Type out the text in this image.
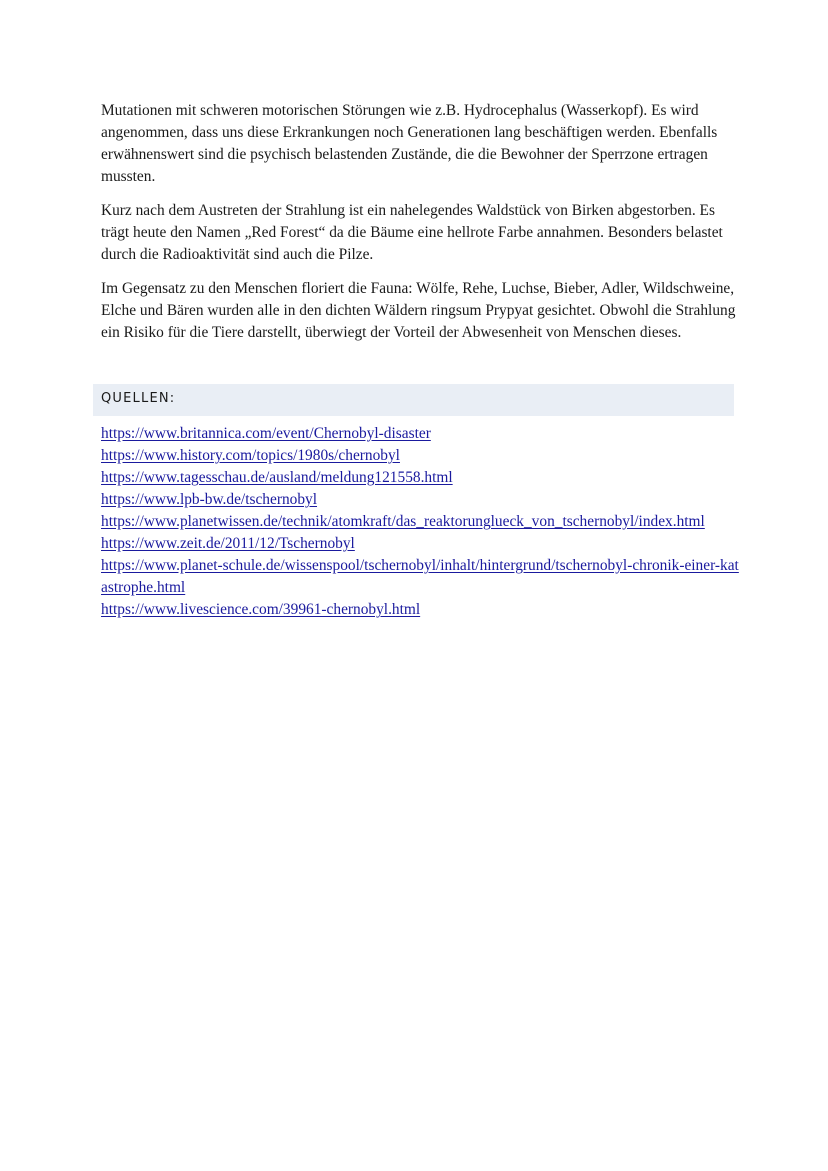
Mutationen mit schweren motorischen Störungen wie z.B. Hydrocephalus (Wasserkopf). Es wird angenommen, dass uns diese Erkrankungen noch Generationen lang beschäftigen werden. Ebenfalls erwähnenswert sind die psychisch belastenden Zustände, die die Bewohner der Sperrzone ertragen mussten.

Kurz nach dem Austreten der Strahlung ist ein nahelegendes Waldstück von Birken abgestorben. Es trägt heute den Namen „Red Forest“ da die Bäume eine hellrote Farbe annahmen. Besonders belastet durch die Radioaktivität sind auch die Pilze.

Im Gegensatz zu den Menschen floriert die Fauna: Wölfe, Rehe, Luchse, Bieber, Adler, Wildschweine, Elche und Bären wurden alle in den dichten Wäldern ringsum Prypyat gesichtet. Obwohl die Strahlung ein Risiko für die Tiere darstellt, überwiegt der Vorteil der Abwesenheit von Menschen dieses.

QUELLEN:
https://www.britannica.com/event/Chernobyl-disaster
https://www.history.com/topics/1980s/chernobyl
https://www.tagesschau.de/ausland/meldung121558.html
https://www.lpb-bw.de/tschernobyl
https://www.planetwissen.de/technik/atomkraft/das_reaktorunglueck_von_tschernobyl/index.html
https://www.zeit.de/2011/12/Tschernobyl
https://www.planet-schule.de/wissenspool/tschernobyl/inhalt/hintergrund/tschernobyl-chronik-einer-katastrophe.html
https://www.livescience.com/39961-chernobyl.html
